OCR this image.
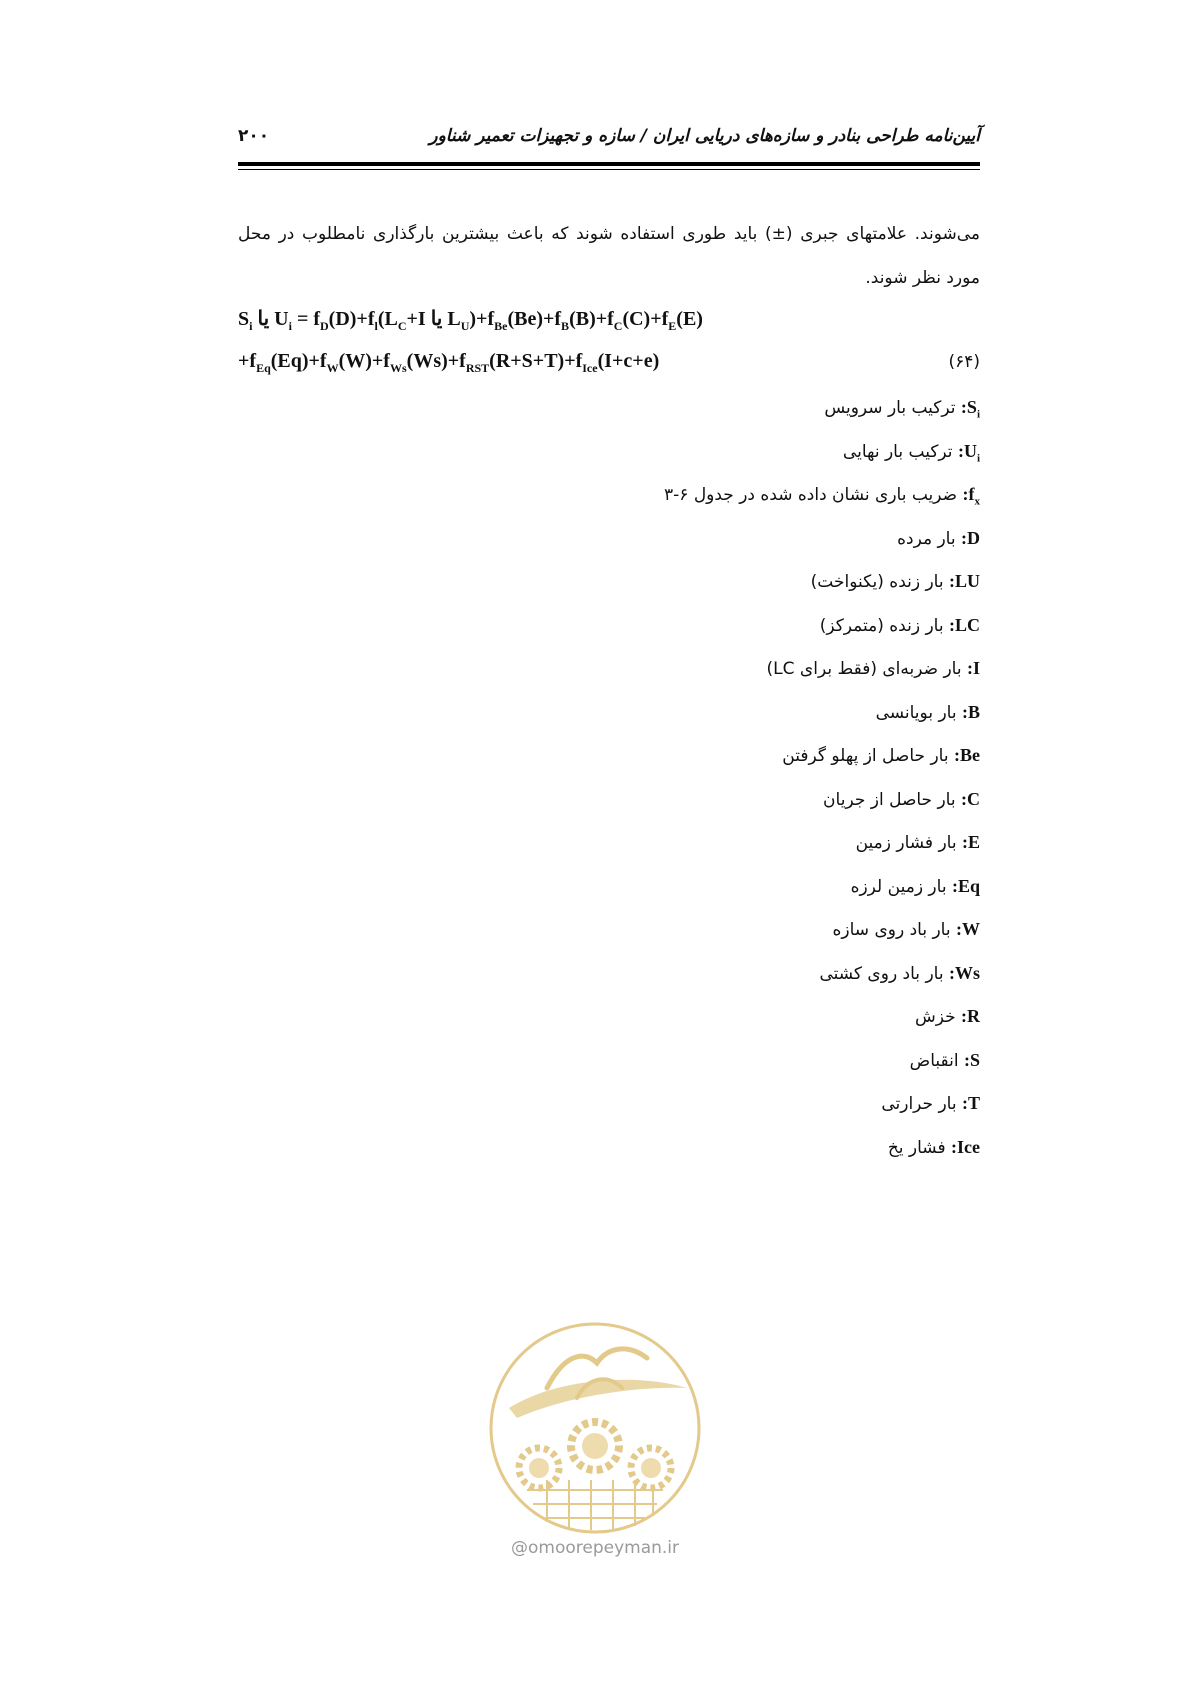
آیین‌نامه طراحی بنادر و سازه‌های دریایی ایران / سازه و تجهیزات تعمیر شناور
۲۰۰

می‌شوند. علامتهای جبری (±) باید طوری استفاده شوند که باعث بیشترین بارگذاری نامطلوب در محل مورد نظر شوند.

$S_i$ یا $U_i = f_D(D)+f_l(L_C+I$ یا $L_U)+f_{Be}(Be)+f_B(B)+f_C(C)+f_E(E)$
$+f_{Eq}(Eq)+f_W(W)+f_{Ws}(Ws)+f_{RST}(R+S+T)+f_{Ice}(I+c+e)$	(۶۴)
$S_i$: ترکیب بار سرویس
$U_i$: ترکیب بار نهایی
$f_x$: ضریب باری نشان داده شده در جدول ۶-۳
D: بار مرده
LU: بار زنده (یکنواخت)
LC: بار زنده (متمرکز)
I: بار ضربه‌ای (فقط برای LC)
B: بار بویانسی
Be: بار حاصل از پهلو گرفتن
C: بار حاصل از جریان
E: بار فشار زمین
Eq: بار زمین لرزه
W: بار باد روی سازه
Ws: بار باد روی کشتی
R: خزش
S: انقباض
T: بار حرارتی
Ice: فشار یخ
@omoorepeyman.ir
